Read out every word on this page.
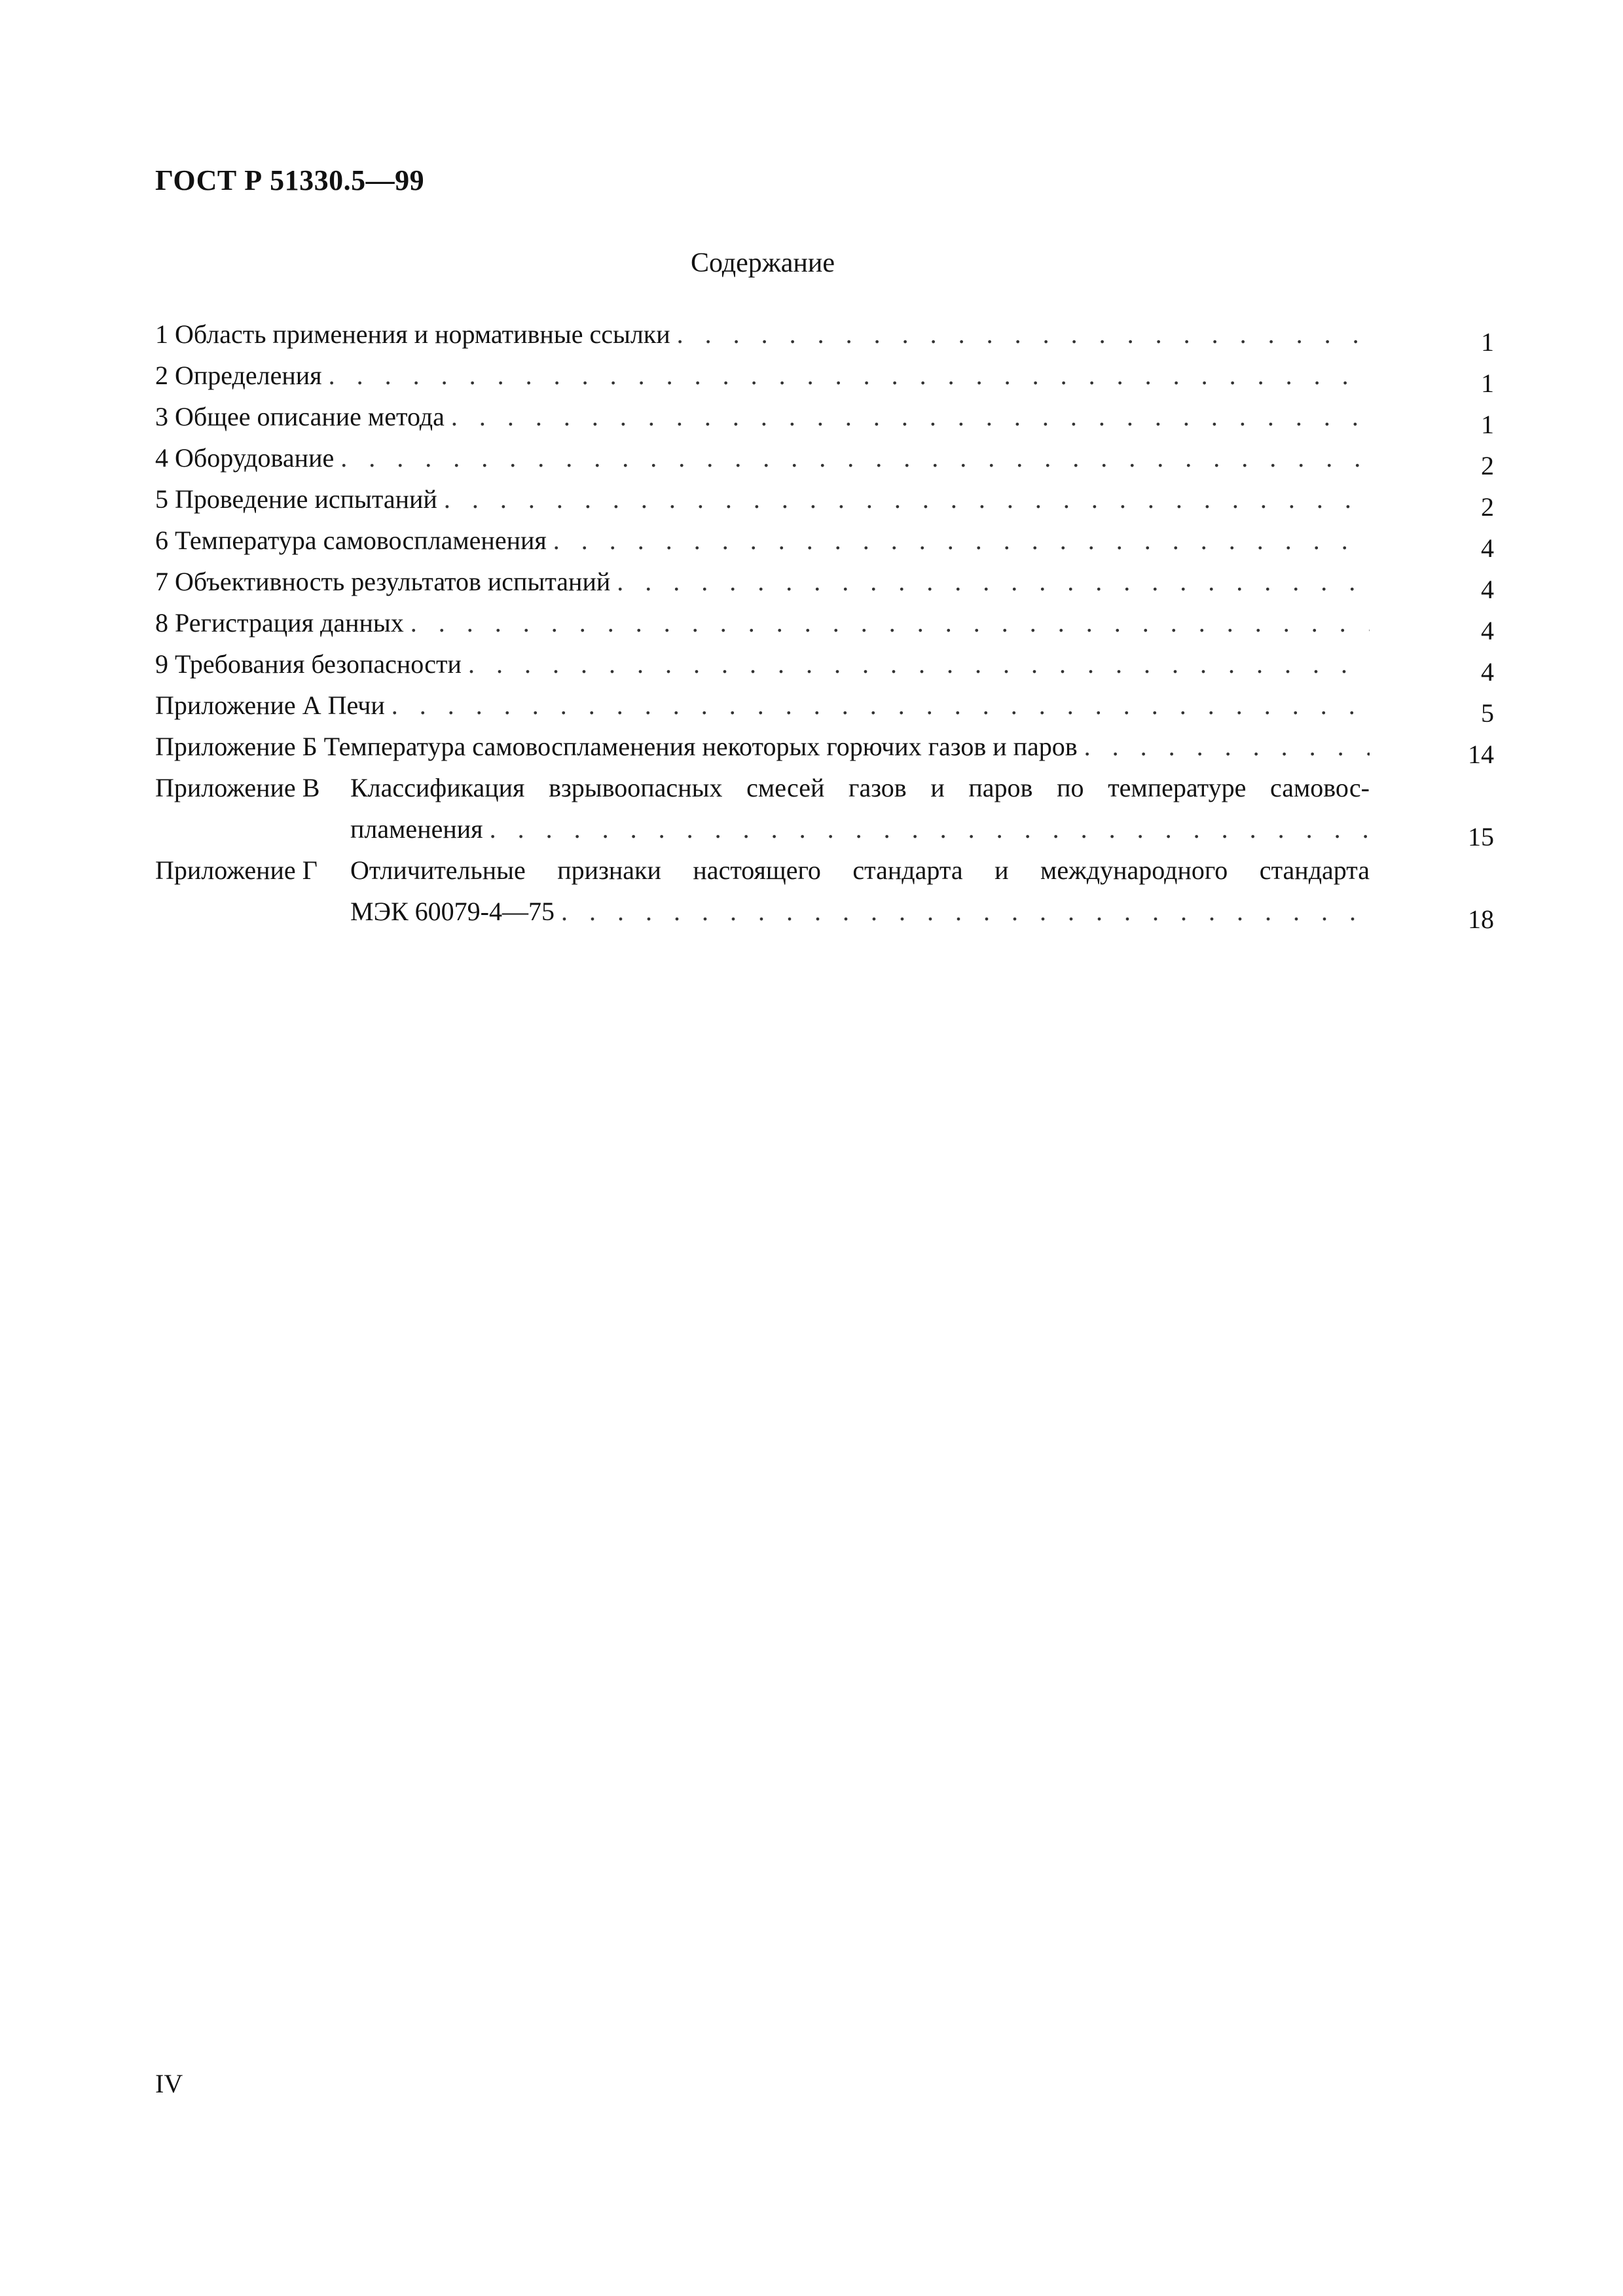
ГОСТ Р 51330.5—99
Содержание
1 Область применения и нормативные ссылки .....	1
2 Определения .....	1
3 Общее описание метода .....	1
4 Оборудование .....	2
5 Проведение испытаний .....	2
6 Температура самовоспламенения .....	4
7 Объективность результатов испытаний .....	4
8 Регистрация данных .....	4
9 Требования безопасности .....	4
Приложение А Печи .....	5
Приложение Б Температура самовоспламенения некоторых горючих газов и паров .....	14
Приложение В Классификация взрывоопасных смесей газов и паров по температуре самовос-
пламенения .....	15
Приложение Г Отличительные признаки настоящего стандарта и международного стандарта
МЭК 60079-4—75 .....	18
IV
